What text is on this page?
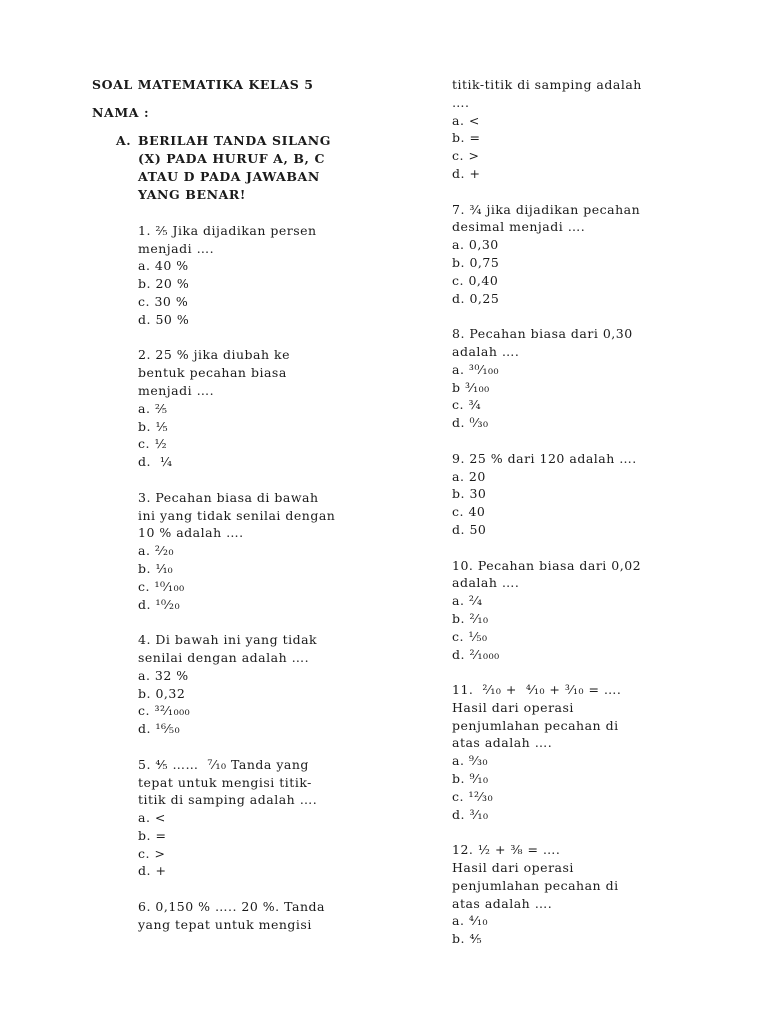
SOAL MATEMATIKA KELAS 5
NAMA :
A. BERILAH TANDA SILANG
(X) PADA HURUF A, B, C
ATAU D PADA JAWABAN
YANG BENAR!
1. ⅖ Jika dijadikan persen
menjadi ….
a. 40 %
b. 20 %
c. 30 %
d. 50 %
2. 25 % jika diubah ke
bentuk pecahan biasa
menjadi ….
a. ⅖
b. ⅕
c. ½
d.  ¼
3. Pecahan biasa di bawah
ini yang tidak senilai dengan
10 % adalah ….
a. ²⁄₂₀
b. ⅒
c. ¹⁰⁄₁₀₀
d. ¹⁰⁄₂₀
4. Di bawah ini yang tidak
senilai dengan adalah ….
a. 32 %
b. 0,32
c. ³²⁄₁₀₀₀
d. ¹⁶⁄₅₀
5. ⅘ ……  ⁷⁄₁₀ Tanda yang
tepat untuk mengisi titik-
titik di samping adalah ….
a. <
b. =
c. >
d. +
6. 0,150 % ….. 20 %. Tanda
yang tepat untuk mengisi
titik-titik di samping adalah
….
a. <
b. =
c. >
d. +
7. ¾ jika dijadikan pecahan
desimal menjadi ….
a. 0,30
b. 0,75
c. 0,40
d. 0,25
8. Pecahan biasa dari 0,30
adalah ….
a. ³⁰⁄₁₀₀
b ³⁄₁₀₀
c. ¾
d. ⁰⁄₃₀
9. 25 % dari 120 adalah ….
a. 20
b. 30
c. 40
d. 50
10. Pecahan biasa dari 0,02
adalah ….
a. ²⁄₄
b. ²⁄₁₀
c. ¹⁄₅₀
d. ²⁄₁₀₀₀
11.  ²⁄₁₀ +  ⁴⁄₁₀ + ³⁄₁₀ = ….
Hasil dari operasi
penjumlahan pecahan di
atas adalah ….
a. ⁹⁄₃₀
b. ⁹⁄₁₀
c. ¹²⁄₃₀
d. ³⁄₁₀
12. ½ + ⅜ = ….
Hasil dari operasi
penjumlahan pecahan di
atas adalah ….
a. ⁴⁄₁₀
b. ⅘
